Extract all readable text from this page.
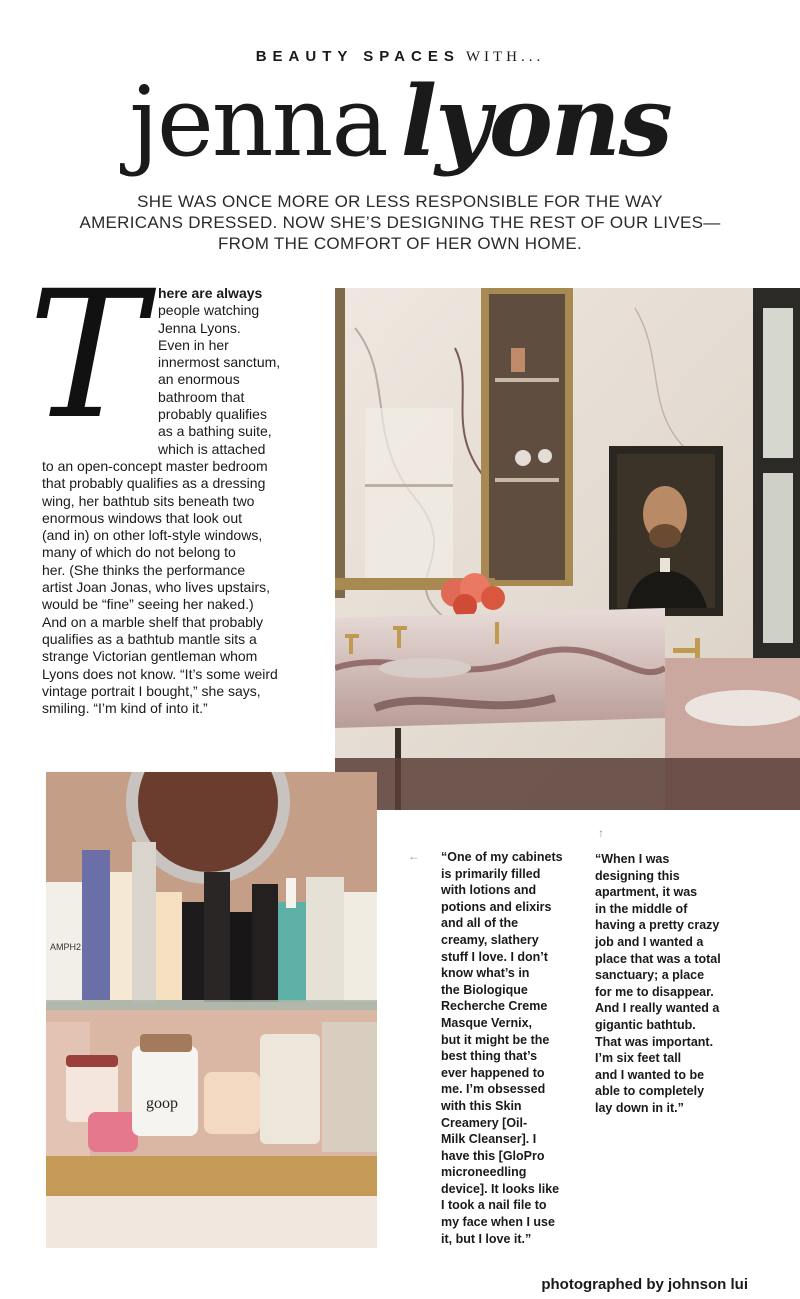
BEAUTY SPACES WITH...
jenna lyons
SHE WAS ONCE MORE OR LESS RESPONSIBLE FOR THE WAY
AMERICANS DRESSED. NOW SHE’S DESIGNING THE REST OF OUR LIVES—
FROM THE COMFORT OF HER OWN HOME.
T here are always
people watching
Jenna Lyons.
Even in her
innermost sanctum,
an enormous
bathroom that
probably qualifies
as a bathing suite,
which is attached
to an open-concept master bedroom
that probably qualifies as a dressing
wing, her bathtub sits beneath two
enormous windows that look out
(and in) on other loft-style windows,
many of which do not belong to
her. (She thinks the performance
artist Joan Jonas, who lives upstairs,
would be “fine” seeing her naked.)
And on a marble shelf that probably
qualifies as a bathtub mantle sits a
strange Victorian gentleman whom
Lyons does not know. “It’s some weird
vintage portrait I bought,” she says,
smiling. “I’m kind of into it.”
AMPH2
goop
← “One of my cabinets
is primarily filled
with lotions and
potions and elixirs
and all of the
creamy, slathery
stuff I love. I don’t
know what’s in
the Biologique
Recherche Creme
Masque Vernix,
but it might be the
best thing that’s
ever happened to
me. I’m obsessed
with this Skin
Creamery [Oil-
Milk Cleanser]. I
have this [GloPro
microneedling
device]. It looks like
I took a nail file to
my face when I use
it, but I love it.”
↑
“When I was
designing this
apartment, it was
in the middle of
having a pretty crazy
job and I wanted a
place that was a total
sanctuary; a place
for me to disappear.
And I really wanted a
gigantic bathtub.
That was important.
I’m six feet tall
and I wanted to be
able to completely
lay down in it.”
photographed by johnson lui
